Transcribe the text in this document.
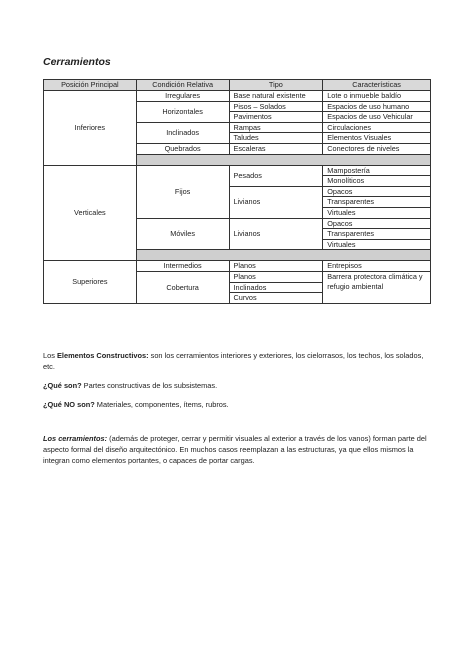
Cerramientos
Posición Principal	Condición Relativa	Tipo	Características
Inferiores	Irregulares	Base natural existente	Lote o inmueble baldío
	Horizontales	Pisos – Solados	Espacios de uso humano
		Pavimentos	Espacios de uso Vehicular
	Inclinados	Rampas	Circulaciones
		Taludes	Elementos Visuales
	Quebrados	Escaleras	Conectores de niveles

Verticales	Fijos	Pesados	Mampostería
			Monolíticos
		Livianos	Opacos
			Transparentes
			Virtuales
	Móviles	Livianos	Opacos
			Transparentes
			Virtuales

Superiores	Intermedios	Planos	Entrepisos
	Cobertura	Planos	Barrera protectora climática y refugio ambiental
		Inclinados	
		Curvos	

Los Elementos Constructivos: son los cerramientos interiores y exteriores, los cielorrasos, los techos, los solados, etc.

¿Qué son? Partes constructivas de los subsistemas.

¿Qué NO son? Materiales, componentes, ítems, rubros.

Los cerramientos: (además de proteger, cerrar y permitir visuales al exterior a través de los vanos) forman parte del aspecto formal del diseño arquitectónico. En muchos casos reemplazan a las estructuras, ya que ellos mismos la integran como elementos portantes, o capaces de portar cargas.
